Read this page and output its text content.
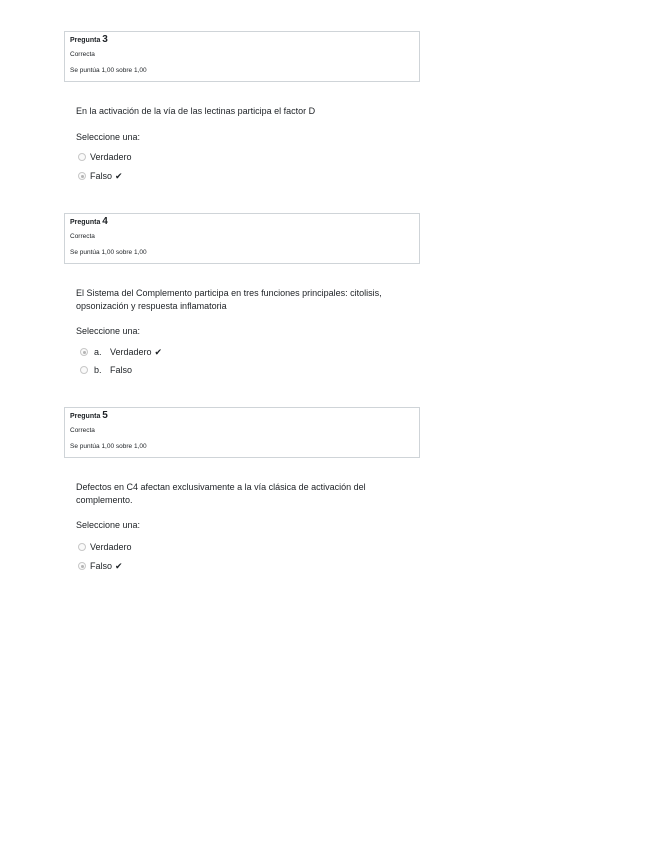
Pregunta 3
Correcta
Se puntúa 1,00 sobre 1,00
En la activación de la vía de las lectinas participa el factor D
Seleccione una:
Verdadero
Falso ✔
Pregunta 4
Correcta
Se puntúa 1,00 sobre 1,00
El Sistema del Complemento participa en tres funciones principales: citolisis, opsonización y respuesta inflamatoria
Seleccione una:
a. Verdadero ✔
b. Falso
Pregunta 5
Correcta
Se puntúa 1,00 sobre 1,00
Defectos en C4 afectan exclusivamente a la vía clásica de activación del complemento.
Seleccione una:
Verdadero
Falso ✔
